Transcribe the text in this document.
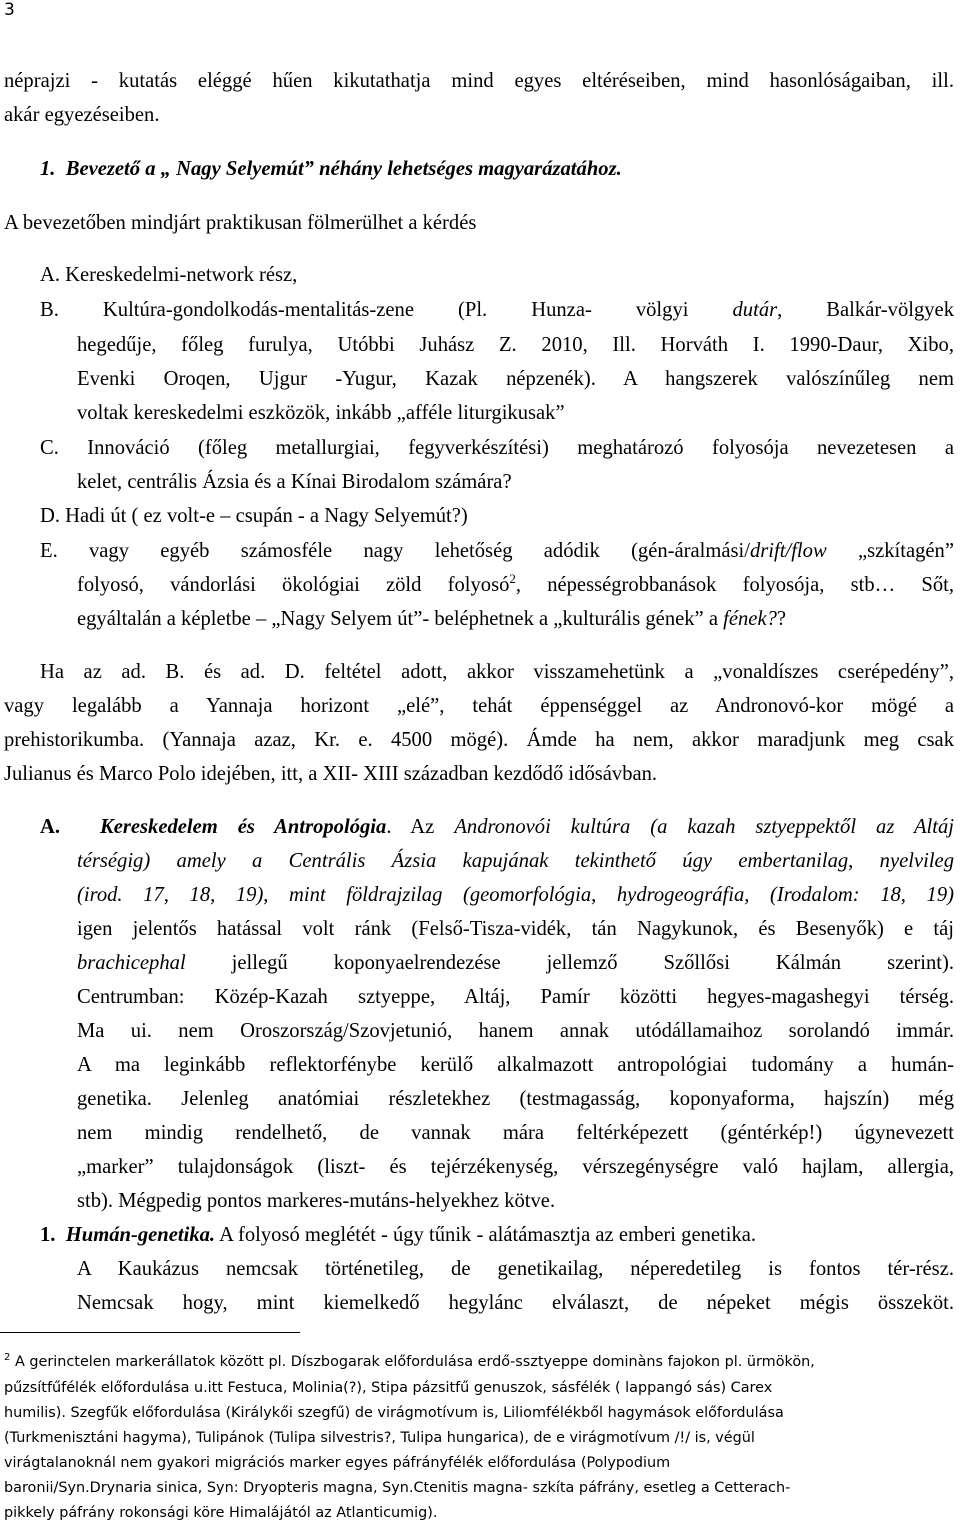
3
néprajzi - kutatás eléggé hűen kikutathatja mind egyes eltéréseiben, mind hasonlóságaiban, ill.
akár egyezéseiben.
1. Bevezető a „ Nagy Selyemút” néhány lehetséges magyarázatához.
A bevezetőben mindjárt praktikusan fölmerülhet a kérdés
A. Kereskedelmi-network rész,
B. Kultúra-gondolkodás-mentalitás-zene (Pl. Hunza- völgyi dutár, Balkár-völgyek
hegedűje, főleg furulya, Utóbbi Juhász Z. 2010, Ill. Horváth I. 1990-Daur, Xibo,
Evenki Oroqen, Ujgur -Yugur, Kazak népzenék). A hangszerek valószínűleg nem
voltak kereskedelmi eszközök, inkább „afféle liturgikusak”
C. Innováció (főleg metallurgiai, fegyverkészítési) meghatározó folyosója nevezetesen a
kelet, centrális Ázsia és a Kínai Birodalom számára?
D. Hadi út ( ez volt-e – csupán - a Nagy Selyemút?)
E. vagy egyéb számosféle nagy lehetőség adódik (gén-áralmási/drift/flow „szkítagén”
folyosó, vándorlási ökológiai zöld folyosó$^2$, népességrobbanások folyosója, stb… Sőt,
egyáltalán a képletbe – „Nagy Selyem út”- beléphetnek a „kulturális gének” a fének??
Ha az ad. B. és ad. D. feltétel adott, akkor visszamehetünk a „vonaldíszes cserépedény”,
vagy legalább a Yannaja horizont „elé”, tehát éppenséggel az Andronovó-kor mögé a
prehistorikumba. (Yannaja azaz, Kr. e. 4500 mögé). Ámde ha nem, akkor maradjunk meg csak
Julianus és Marco Polo idejében, itt, a XII- XIII században kezdődő idősávban.
A. Kereskedelem és Antropológia. Az Andronovói kultúra (a kazah sztyeppektől az Altáj
térségig) amely a Centrális Ázsia kapujának tekinthető úgy embertanilag, nyelvileg
(irod. 17, 18, 19), mint földrajzilag (geomorfológia, hydrogeográfia, (Irodalom: 18, 19)
igen jelentős hatással volt ránk (Felső-Tisza-vidék, tán Nagykunok, és Besenyők) e táj
brachicephal jellegű koponyaelrendezése jellemző Szőllősi Kálmán szerint).
Centrumban: Közép-Kazah sztyeppe, Altáj, Pamír közötti hegyes-magashegyi térség.
Ma ui. nem Oroszország/Szovjetunió, hanem annak utódállamaihoz sorolandó immár.
A ma leginkább reflektorfénybe kerülő alkalmazott antropológiai tudomány a humán-
genetika. Jelenleg anatómiai részletekhez (testmagasság, koponyaforma, hajszín) még
nem mindig rendelhető, de vannak mára feltérképezett (géntérkép!) úgynevezett
„marker” tulajdonságok (liszt- és tejérzékenység, vérszegénységre való hajlam, allergia,
stb). Mégpedig pontos markeres-mutáns-helyekhez kötve.
1. Humán-genetika. A folyosó meglétét - úgy tűnik - alátámasztja az emberi genetika.
A Kaukázus nemcsak történetileg, de genetikailag, néperedetileg is fontos tér-rész.
Nemcsak hogy, mint kiemelkedő hegylánc elválaszt, de népeket mégis összeköt.
$^2$ A gerinctelen markerállatok között pl. Díszbogarak előfordulása erdő-ssztyeppe dominàns fajokon pl. ürmökön,
pűzsítfűfélék előfordulása u.itt Festuca, Molinia(?), Stipa pázsitfű genuszok, sásfélék ( lappangó sás) Carex
humilis). Szegfűk előfordulása (Királykői szegfű) de virágmotívum is, Liliomfélékből hagymások előfordulása
(Turkmenisztáni hagyma), Tulipánok (Tulipa silvestris?, Tulipa hungarica), de e virágmotívum /!/ is, végül
virágtalanoknál nem gyakori migrációs marker egyes páfrányfélék előfordulása (Polypodium
baronii/Syn.Drynaria sinica, Syn: Dryopteris magna, Syn.Ctenitis magna- szkíta páfrány, esetleg a Cetterach-
pikkely páfrány rokonsági köre Himalájától az Atlanticumig).
